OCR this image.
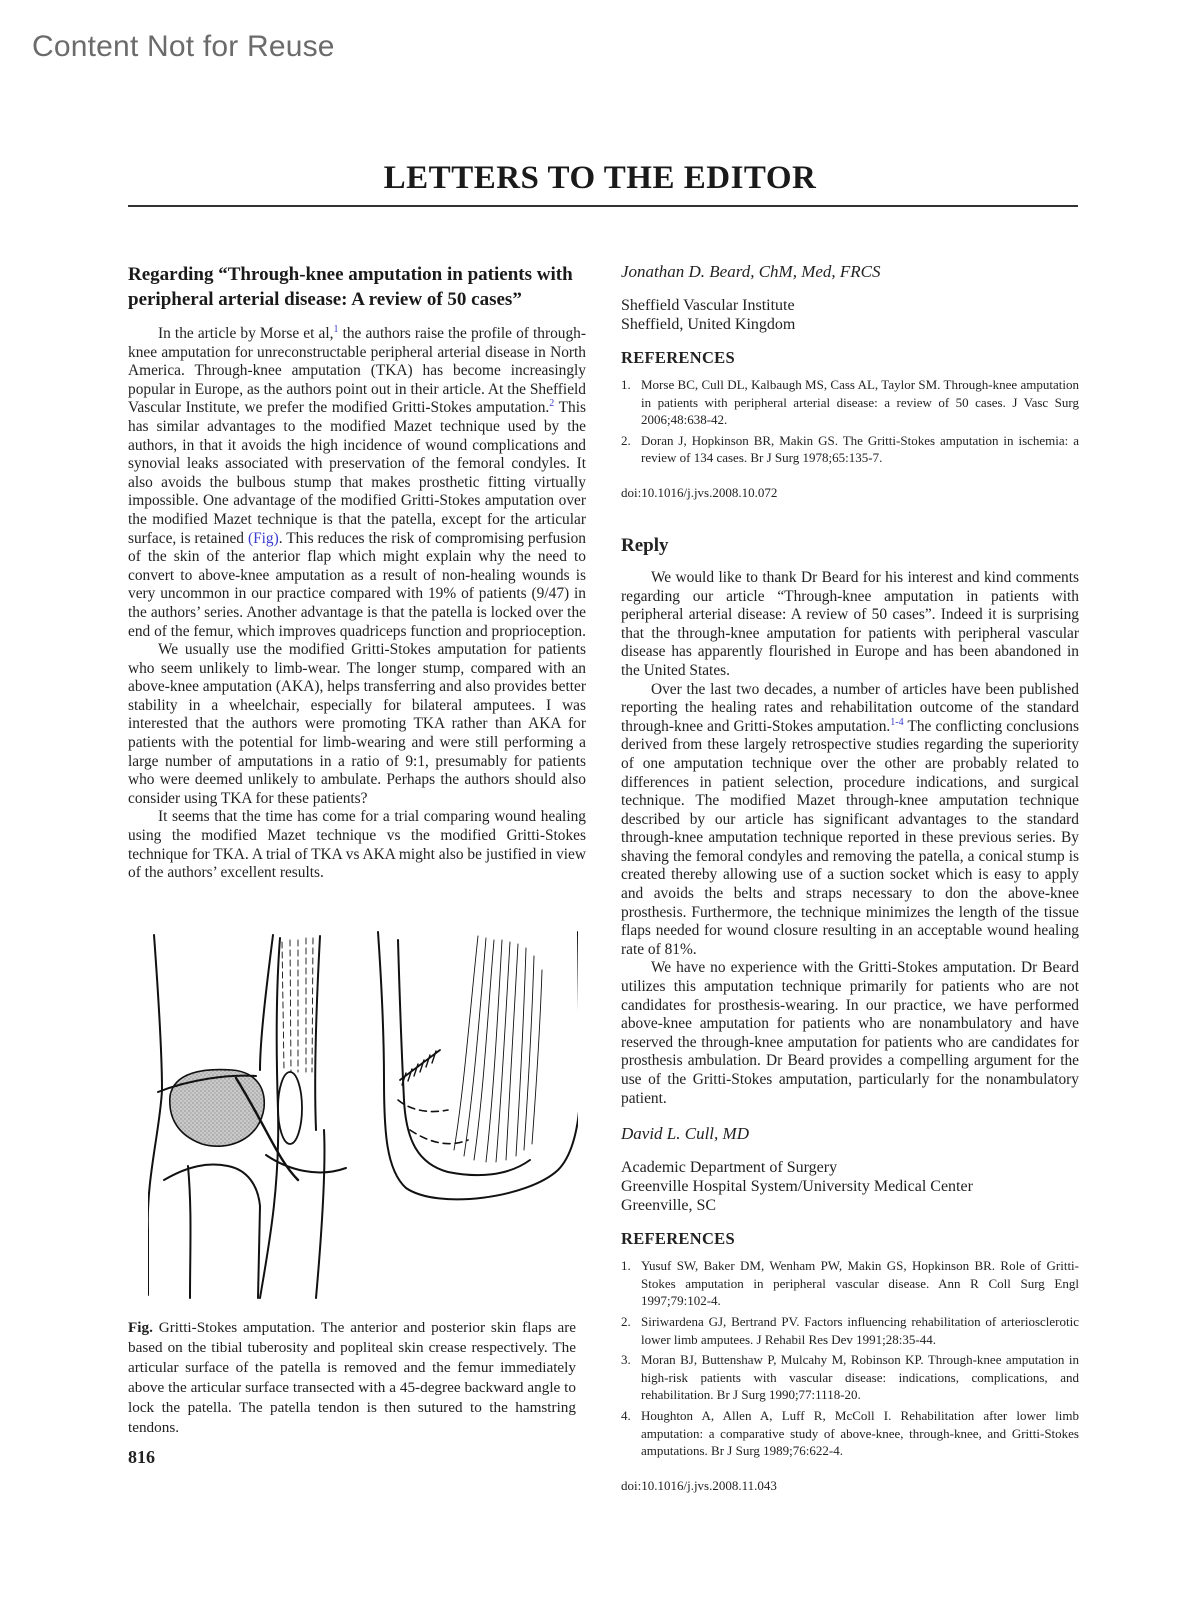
Content Not for Reuse
LETTERS TO THE EDITOR
Regarding “Through-knee amputation in patients with peripheral arterial disease: A review of 50 cases”

In the article by Morse et al,$^1$ the authors raise the profile of through-knee amputation for unreconstructable peripheral arterial disease in North America. Through-knee amputation (TKA) has become increasingly popular in Europe, as the authors point out in their article. At the Sheffield Vascular Institute, we prefer the modified Gritti-Stokes amputation.$^2$ This has similar advantages to the modified Mazet technique used by the authors, in that it avoids the high incidence of wound complications and synovial leaks associated with preservation of the femoral condyles. It also avoids the bulbous stump that makes prosthetic fitting virtually impossible. One advantage of the modified Gritti-Stokes amputation over the modified Mazet technique is that the patella, except for the articular surface, is retained (Fig). This reduces the risk of compromising perfusion of the skin of the anterior flap which might explain why the need to convert to above-knee amputation as a result of non-healing wounds is very uncommon in our practice compared with 19% of patients (9/47) in the authors’ series. Another advantage is that the patella is locked over the end of the femur, which improves quadriceps function and proprioception.

We usually use the modified Gritti-Stokes amputation for patients who seem unlikely to limb-wear. The longer stump, compared with an above-knee amputation (AKA), helps transferring and also provides better stability in a wheelchair, especially for bilateral amputees. I was interested that the authors were promoting TKA rather than AKA for patients with the potential for limb-wearing and were still performing a large number of amputations in a ratio of 9:1, presumably for patients who were deemed unlikely to ambulate. Perhaps the authors should also consider using TKA for these patients?

It seems that the time has come for a trial comparing wound healing using the modified Mazet technique vs the modified Gritti-Stokes technique for TKA. A trial of TKA vs AKA might also be justified in view of the authors’ excellent results.

Fig. Gritti-Stokes amputation. The anterior and posterior skin flaps are based on the tibial tuberosity and popliteal skin crease respectively. The articular surface of the patella is removed and the femur immediately above the articular surface transected with a 45-degree backward angle to lock the patella. The patella tendon is then sutured to the hamstring tendons.

816

Jonathan D. Beard, ChM, Med, FRCS

Sheffield Vascular Institute

Sheffield, United Kingdom

REFERENCES
1. Morse BC, Cull DL, Kalbaugh MS, Cass AL, Taylor SM. Through-knee amputation in patients with peripheral arterial disease: a review of 50 cases. J Vasc Surg 2006;48:638-42.
2. Doran J, Hopkinson BR, Makin GS. The Gritti-Stokes amputation in ischemia: a review of 134 cases. Br J Surg 1978;65:135-7.

doi:10.1016/j.jvs.2008.10.072

Reply

We would like to thank Dr Beard for his interest and kind comments regarding our article “Through-knee amputation in patients with peripheral arterial disease: A review of 50 cases”. Indeed it is surprising that the through-knee amputation for patients with peripheral vascular disease has apparently flourished in Europe and has been abandoned in the United States.

Over the last two decades, a number of articles have been published reporting the healing rates and rehabilitation outcome of the standard through-knee and Gritti-Stokes amputation.$^{1-4}$ The conflicting conclusions derived from these largely retrospective studies regarding the superiority of one amputation technique over the other are probably related to differences in patient selection, procedure indications, and surgical technique. The modified Mazet through-knee amputation technique described by our article has significant advantages to the standard through-knee amputation technique reported in these previous series. By shaving the femoral condyles and removing the patella, a conical stump is created thereby allowing use of a suction socket which is easy to apply and avoids the belts and straps necessary to don the above-knee prosthesis. Furthermore, the technique minimizes the length of the tissue flaps needed for wound closure resulting in an acceptable wound healing rate of 81%.

We have no experience with the Gritti-Stokes amputation. Dr Beard utilizes this amputation technique primarily for patients who are not candidates for prosthesis-wearing. In our practice, we have performed above-knee amputation for patients who are nonambulatory and have reserved the through-knee amputation for patients who are candidates for prosthesis ambulation. Dr Beard provides a compelling argument for the use of the Gritti-Stokes amputation, particularly for the nonambulatory patient.

David L. Cull, MD

Academic Department of Surgery

Greenville Hospital System/University Medical Center

Greenville, SC

REFERENCES
1. Yusuf SW, Baker DM, Wenham PW, Makin GS, Hopkinson BR. Role of Gritti-Stokes amputation in peripheral vascular disease. Ann R Coll Surg Engl 1997;79:102-4.
2. Siriwardena GJ, Bertrand PV. Factors influencing rehabilitation of arteriosclerotic lower limb amputees. J Rehabil Res Dev 1991;28:35-44.
3. Moran BJ, Buttenshaw P, Mulcahy M, Robinson KP. Through-knee amputation in high-risk patients with vascular disease: indications, complications, and rehabilitation. Br J Surg 1990;77:1118-20.
4. Houghton A, Allen A, Luff R, McColl I. Rehabilitation after lower limb amputation: a comparative study of above-knee, through-knee, and Gritti-Stokes amputations. Br J Surg 1989;76:622-4.

doi:10.1016/j.jvs.2008.11.043
